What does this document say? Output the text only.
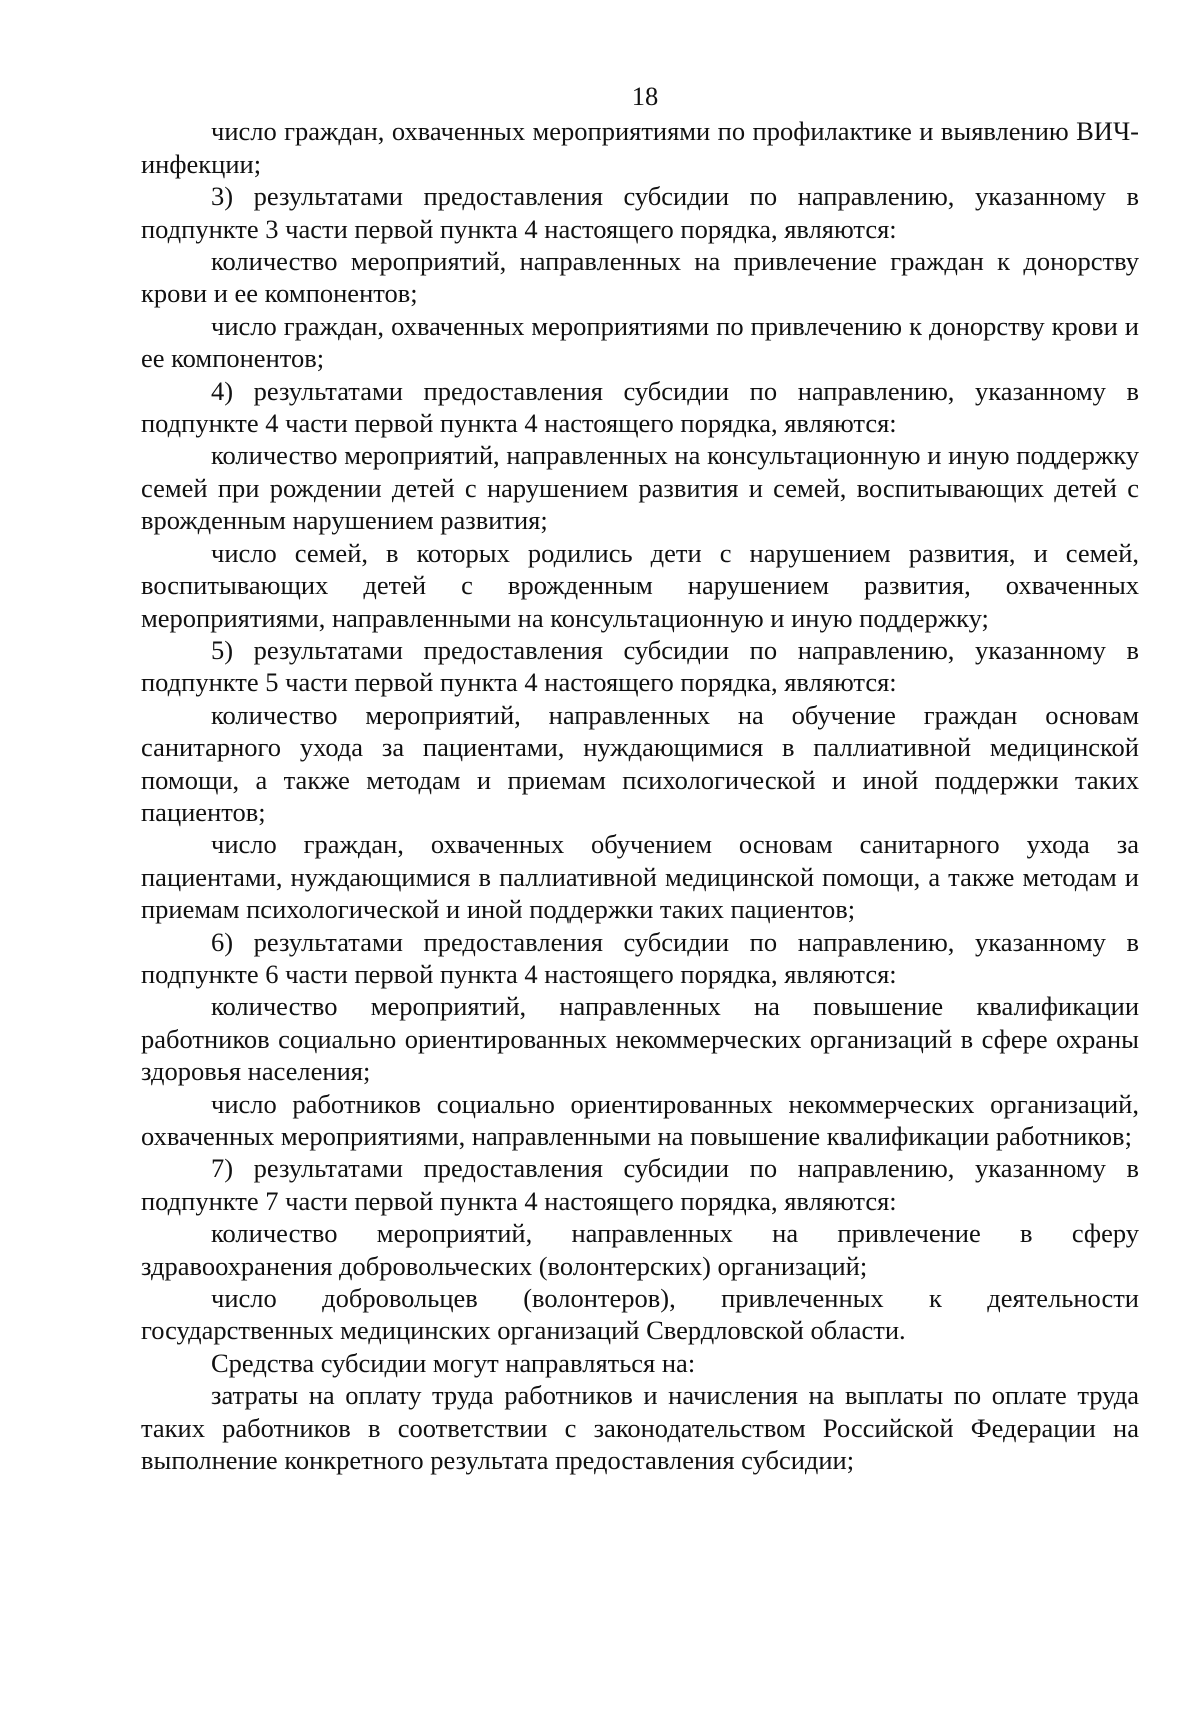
18

число граждан, охваченных мероприятиями по профилактике и выявлению ВИЧ-инфекции;

3) результатами предоставления субсидии по направлению, указанному в подпункте 3 части первой пункта 4 настоящего порядка, являются:

количество мероприятий, направленных на привлечение граждан к донорству крови и ее компонентов;

число граждан, охваченных мероприятиями по привлечению к донорству крови и ее компонентов;

4) результатами предоставления субсидии по направлению, указанному в подпункте 4 части первой пункта 4 настоящего порядка, являются:

количество мероприятий, направленных на консультационную и иную поддержку семей при рождении детей с нарушением развития и семей, воспитывающих детей с врожденным нарушением развития;

число семей, в которых родились дети с нарушением развития, и семей, воспитывающих детей с врожденным нарушением развития, охваченных мероприятиями, направленными на консультационную и иную поддержку;

5) результатами предоставления субсидии по направлению, указанному в подпункте 5 части первой пункта 4 настоящего порядка, являются:

количество мероприятий, направленных на обучение граждан основам санитарного ухода за пациентами, нуждающимися в паллиативной медицинской помощи, а также методам и приемам психологической и иной поддержки таких пациентов;

число граждан, охваченных обучением основам санитарного ухода за пациентами, нуждающимися в паллиативной медицинской помощи, а также методам и приемам психологической и иной поддержки таких пациентов;

6) результатами предоставления субсидии по направлению, указанному в подпункте 6 части первой пункта 4 настоящего порядка, являются:

количество мероприятий, направленных на повышение квалификации работников социально ориентированных некоммерческих организаций в сфере охраны здоровья населения;

число работников социально ориентированных некоммерческих организаций, охваченных мероприятиями, направленными на повышение квалификации работников;

7) результатами предоставления субсидии по направлению, указанному в подпункте 7 части первой пункта 4 настоящего порядка, являются:

количество мероприятий, направленных на привлечение в сферу здравоохранения добровольческих (волонтерских) организаций;

число добровольцев (волонтеров), привлеченных к деятельности государственных медицинских организаций Свердловской области.

Средства субсидии могут направляться на:

затраты на оплату труда работников и начисления на выплаты по оплате труда таких работников в соответствии с законодательством Российской Федерации на выполнение конкретного результата предоставления субсидии;
